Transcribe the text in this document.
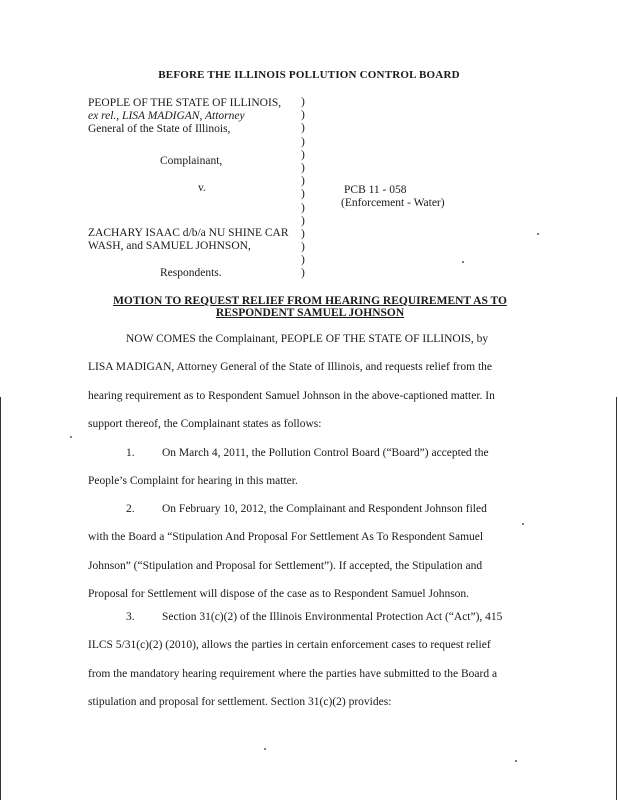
BEFORE THE ILLINOIS POLLUTION CONTROL BOARD
PEOPLE OF THE STATE OF ILLINOIS,
ex rel., LISA MADIGAN, Attorney
General of the State of Illinois,
Complainant,
v.
ZACHARY ISAAC d/b/a NU SHINE CAR
WASH, and SAMUEL JOHNSON,
Respondents.
)
)
)
)
)
)
)
)
)
)
)
)
)
)
PCB 11 - 058
(Enforcement - Water)
MOTION TO REQUEST RELIEF FROM HEARING REQUIREMENT AS TO
RESPONDENT SAMUEL JOHNSON
NOW COMES the Complainant, PEOPLE OF THE STATE OF ILLINOIS, by
LISA MADIGAN, Attorney General of the State of Illinois, and requests relief from the
hearing requirement as to Respondent Samuel Johnson in the above-captioned matter. In
support thereof, the Complainant states as follows:
1. On March 4, 2011, the Pollution Control Board (“Board”) accepted the
People’s Complaint for hearing in this matter.
2. On February 10, 2012, the Complainant and Respondent Johnson filed
with the Board a “Stipulation And Proposal For Settlement As To Respondent Samuel
Johnson” (“Stipulation and Proposal for Settlement”). If accepted, the Stipulation and
Proposal for Settlement will dispose of the case as to Respondent Samuel Johnson.
3. Section 31(c)(2) of the Illinois Environmental Protection Act (“Act”), 415
ILCS 5/31(c)(2) (2010), allows the parties in certain enforcement cases to request relief
from the mandatory hearing requirement where the parties have submitted to the Board a
stipulation and proposal for settlement. Section 31(c)(2) provides:
